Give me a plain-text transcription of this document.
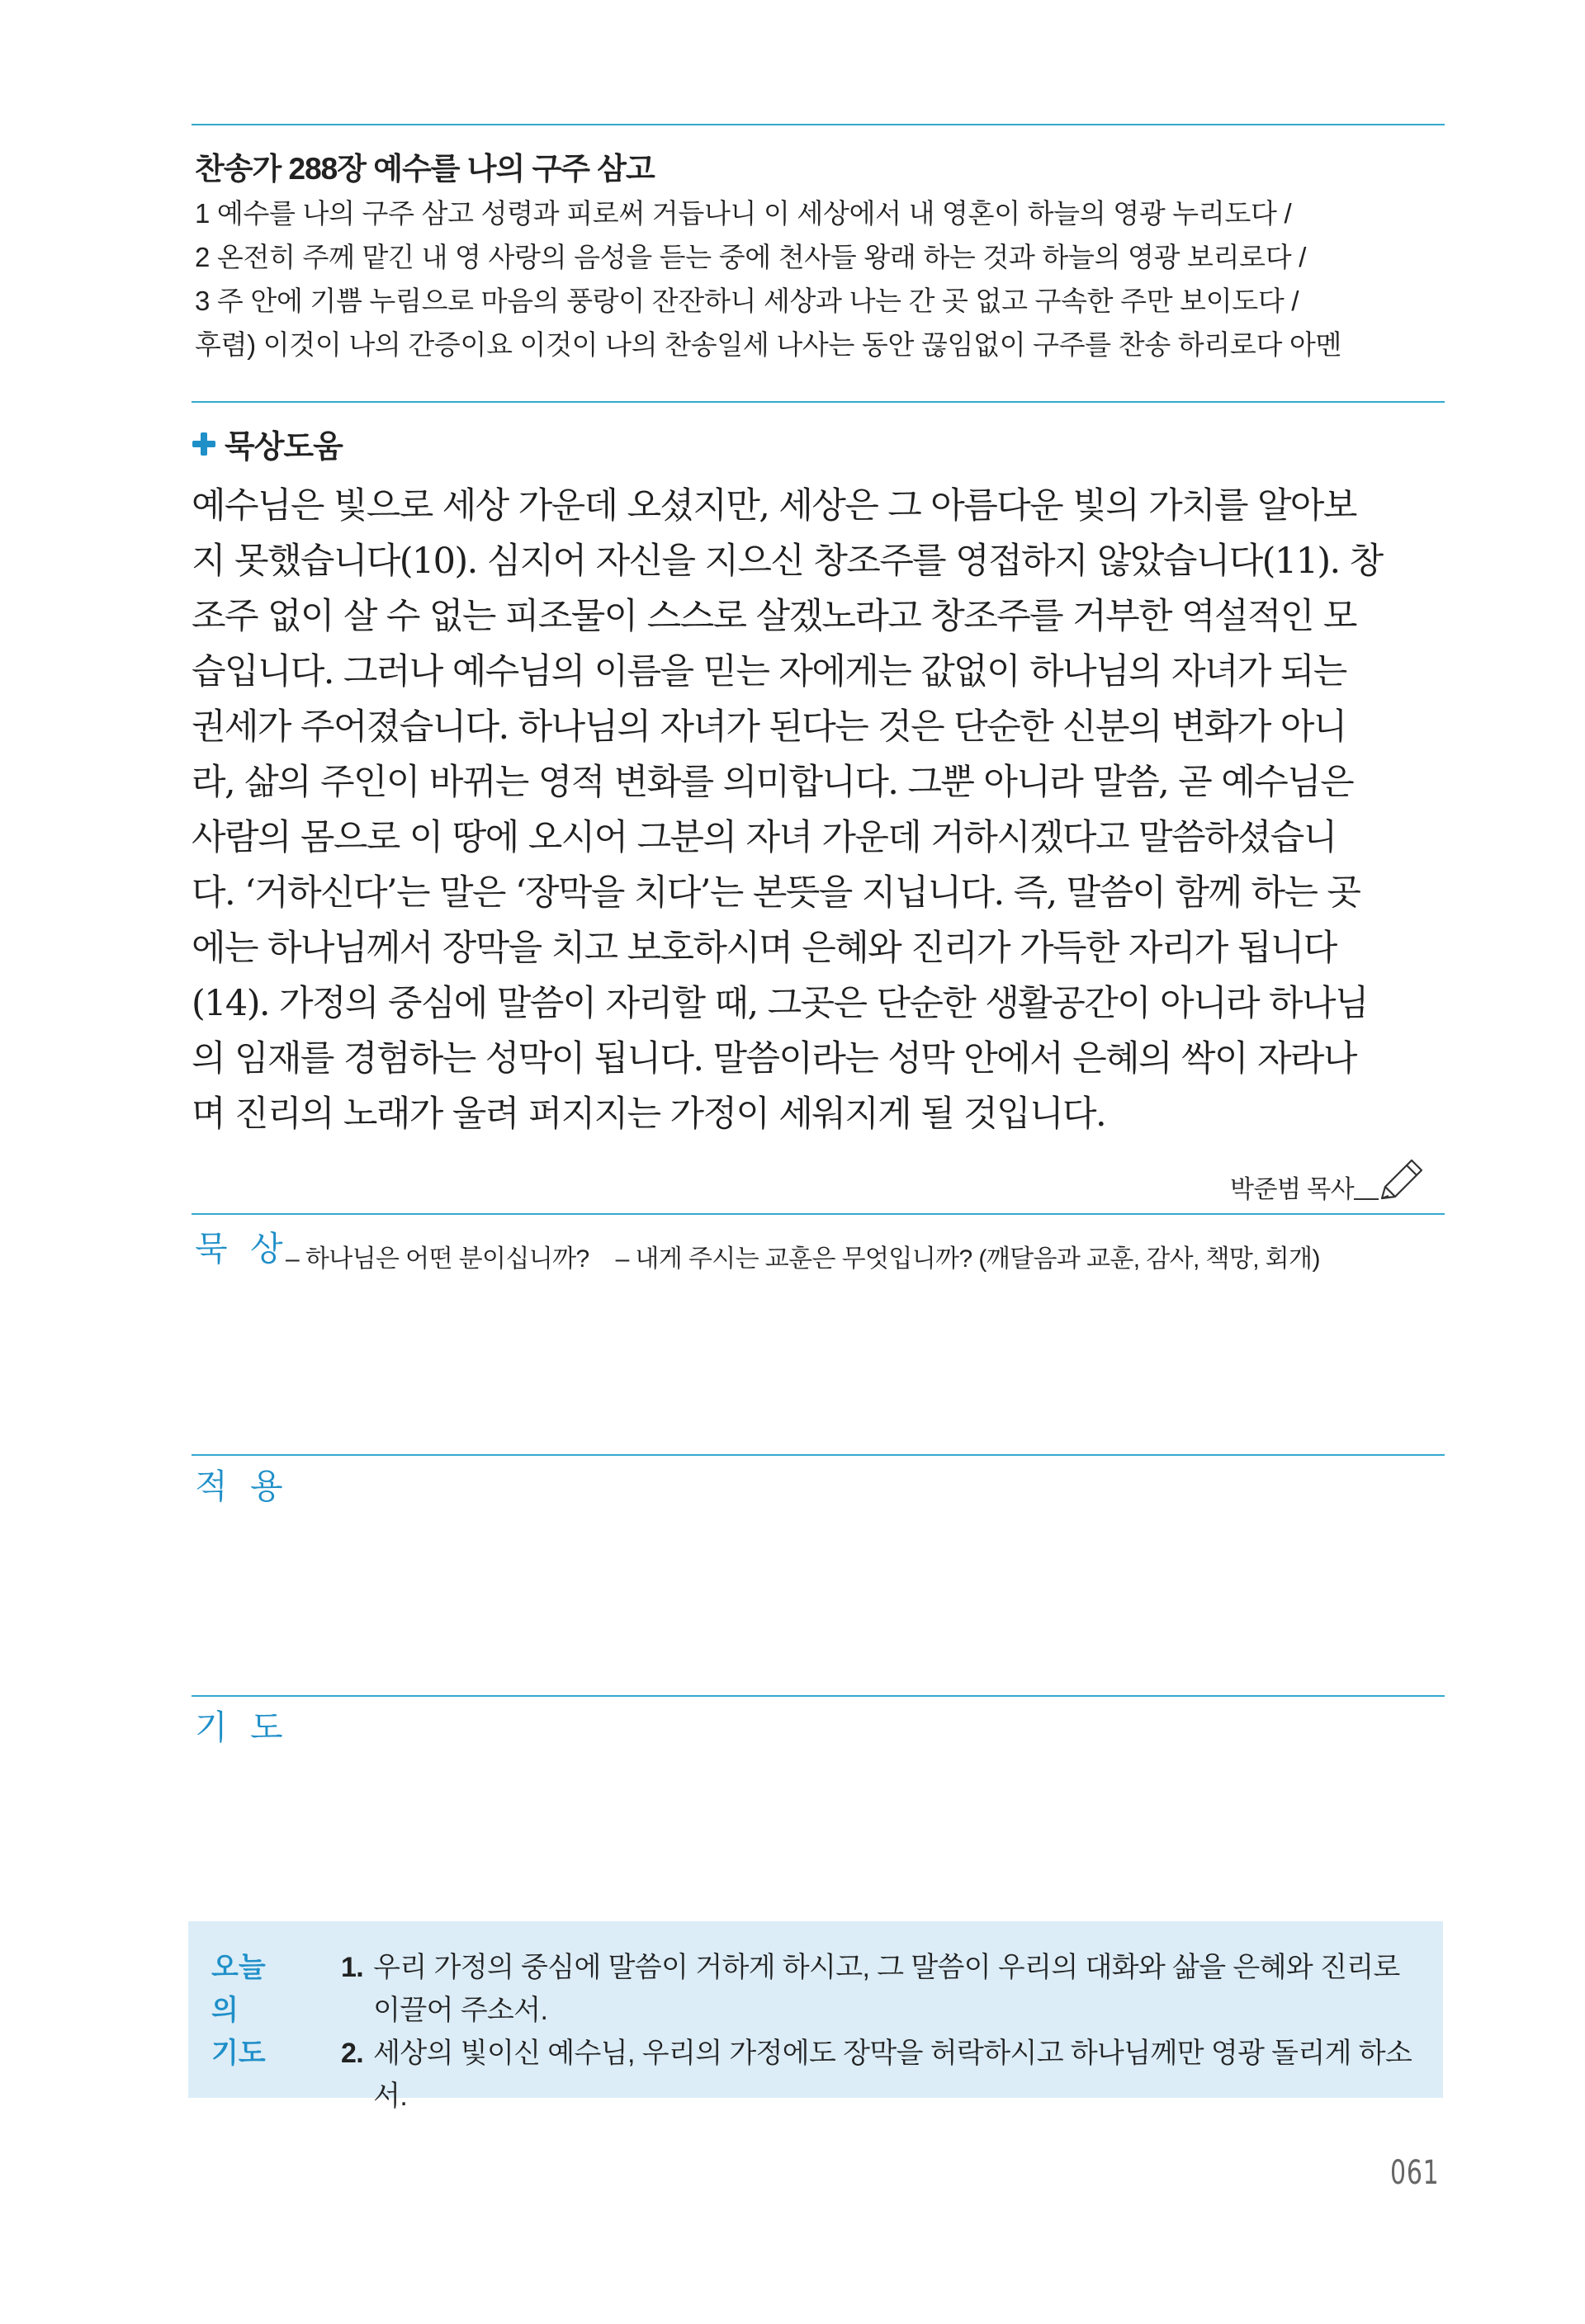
찬송가 288장 예수를 나의 구주 삼고
1 예수를 나의 구주 삼고 성령과 피로써 거듭나니 이 세상에서 내 영혼이 하늘의 영광 누리도다 /
2 온전히 주께 맡긴 내 영 사랑의 음성을 듣는 중에 천사들 왕래 하는 것과 하늘의 영광 보리로다 /
3 주 안에 기쁨 누림으로 마음의 풍랑이 잔잔하니 세상과 나는 간 곳 없고 구속한 주만 보이도다 /
후렴) 이것이 나의 간증이요 이것이 나의 찬송일세 나사는 동안 끊임없이 구주를 찬송 하리로다 아멘
묵상도움
예수님은 빛으로 세상 가운데 오셨지만, 세상은 그 아름다운 빛의 가치를 알아보
지 못했습니다(10). 심지어 자신을 지으신 창조주를 영접하지 않았습니다(11). 창
조주 없이 살 수 없는 피조물이 스스로 살겠노라고 창조주를 거부한 역설적인 모
습입니다. 그러나 예수님의 이름을 믿는 자에게는 값없이 하나님의 자녀가 되는
권세가 주어졌습니다. 하나님의 자녀가 된다는 것은 단순한 신분의 변화가 아니
라, 삶의 주인이 바뀌는 영적 변화를 의미합니다. 그뿐 아니라 말씀, 곧 예수님은
사람의 몸으로 이 땅에 오시어 그분의 자녀 가운데 거하시겠다고 말씀하셨습니
다. ‘거하신다’는 말은 ‘장막을 치다’는 본뜻을 지닙니다. 즉, 말씀이 함께 하는 곳
에는 하나님께서 장막을 치고 보호하시며 은혜와 진리가 가득한 자리가 됩니다
(14). 가정의 중심에 말씀이 자리할 때, 그곳은 단순한 생활공간이 아니라 하나님
의 임재를 경험하는 성막이 됩니다. 말씀이라는 성막 안에서 은혜의 싹이 자라나
며 진리의 노래가 울려 퍼지지는 가정이 세워지게 될 것입니다.
박준범 목사
묵 상
– 하나님은 어떤 분이십니까? – 내게 주시는 교훈은 무엇입니까? (깨달음과 교훈, 감사, 책망, 회개)
적 용
기 도
오늘의
기도
1. 우리 가정의 중심에 말씀이 거하게 하시고, 그 말씀이 우리의 대화와 삶을 은혜와 진리로 이끌어 주소서.
2. 세상의 빛이신 예수님, 우리의 가정에도 장막을 허락하시고 하나님께만 영광 돌리게 하소서.
061
